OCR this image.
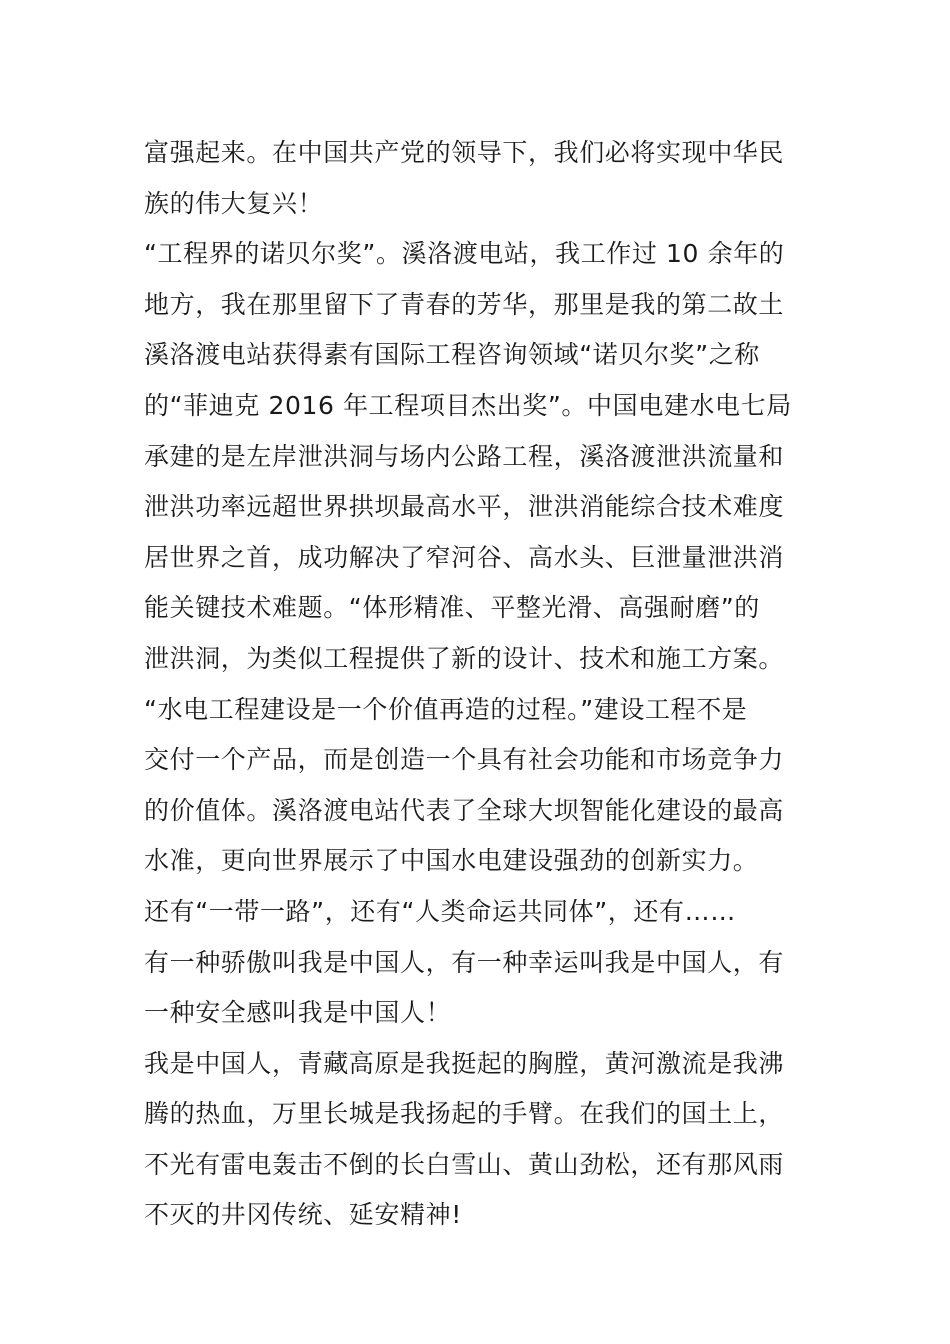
富强起来。在中国共产党的领导下，我们必将实现中华民
族的伟大复兴！
“工程界的诺贝尔奖”。溪洛渡电站，我工作过 10 余年的
地方，我在那里留下了青春的芳华，那里是我的第二故土
溪洛渡电站获得素有国际工程咨询领域“诺贝尔奖”之称
的“菲迪克 2016 年工程项目杰出奖”。中国电建水电七局
承建的是左岸泄洪洞与场内公路工程，溪洛渡泄洪流量和
泄洪功率远超世界拱坝最高水平，泄洪消能综合技术难度
居世界之首，成功解决了窄河谷、高水头、巨泄量泄洪消
能关键技术难题。“体形精准、平整光滑、高强耐磨”的
泄洪洞，为类似工程提供了新的设计、技术和施工方案。
“水电工程建设是一个价值再造的过程。”建设工程不是
交付一个产品，而是创造一个具有社会功能和市场竞争力
的价值体。溪洛渡电站代表了全球大坝智能化建设的最高
水准，更向世界展示了中国水电建设强劲的创新实力。
还有“一带一路”，还有“人类命运共同体”，还有……
有一种骄傲叫我是中国人，有一种幸运叫我是中国人，有
一种安全感叫我是中国人！
我是中国人，青藏高原是我挺起的胸膛，黄河激流是我沸
腾的热血，万里长城是我扬起的手臂。在我们的国土上，
不光有雷电轰击不倒的长白雪山、黄山劲松，还有那风雨
不灭的井冈传统、延安精神!
